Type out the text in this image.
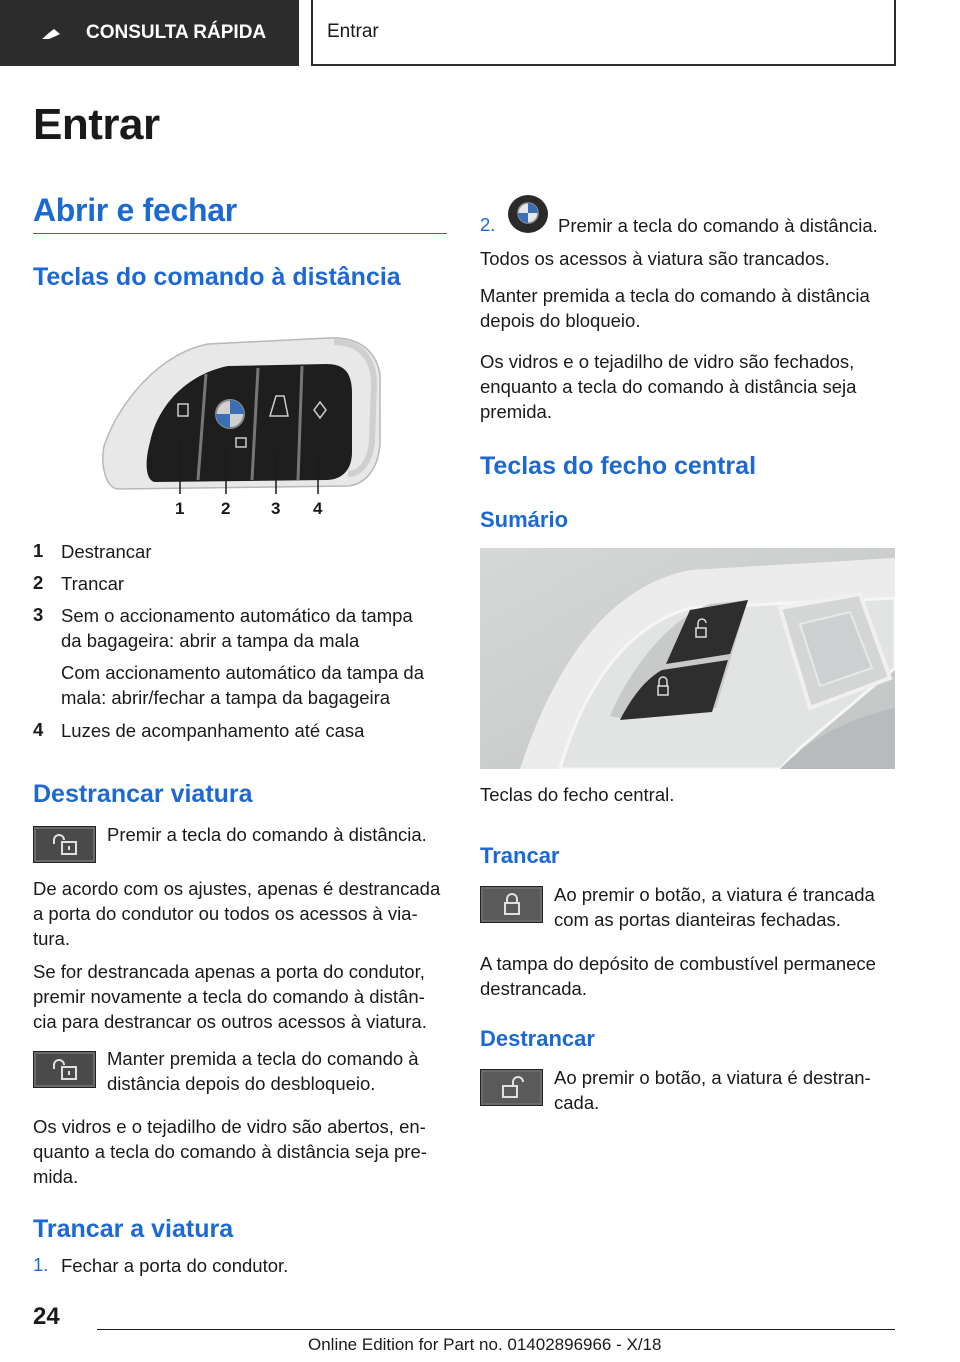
CONSULTA RÁPIDA	Entrar
Entrar
Abrir e fechar
Teclas do comando à distância
1 2 3 4
1 Destrancar
2 Trancar
3 Sem o accionamento automático da tampa
da bagageira: abrir a tampa da mala
Com accionamento automático da tampa da
mala: abrir/fechar a tampa da bagageira
4 Luzes de acompanhamento até casa
Destrancar viatura
Premir a tecla do comando à distância.
De acordo com os ajustes, apenas é destrancada
a porta do condutor ou todos os acessos à via-
tura.
Se for destrancada apenas a porta do condutor,
premir novamente a tecla do comando à distân-
cia para destrancar os outros acessos à viatura.
Manter premida a tecla do comando à
distância depois do desbloqueio.
Os vidros e o tejadilho de vidro são abertos, en-
quanto a tecla do comando à distância seja pre-
mida.
Trancar a viatura
1. Fechar a porta do condutor.
2.	Premir a tecla do comando à distância.
Todos os acessos à viatura são trancados.
Manter premida a tecla do comando à distância
depois do bloqueio.
Os vidros e o tejadilho de vidro são fechados,
enquanto a tecla do comando à distância seja
premida.
Teclas do fecho central
Sumário
Teclas do fecho central.
Trancar
Ao premir o botão, a viatura é trancada
com as portas dianteiras fechadas.
A tampa do depósito de combustível permanece
destrancada.
Destrancar
Ao premir o botão, a viatura é destran-
cada.
24
Online Edition for Part no. 01402896966 - X/18
